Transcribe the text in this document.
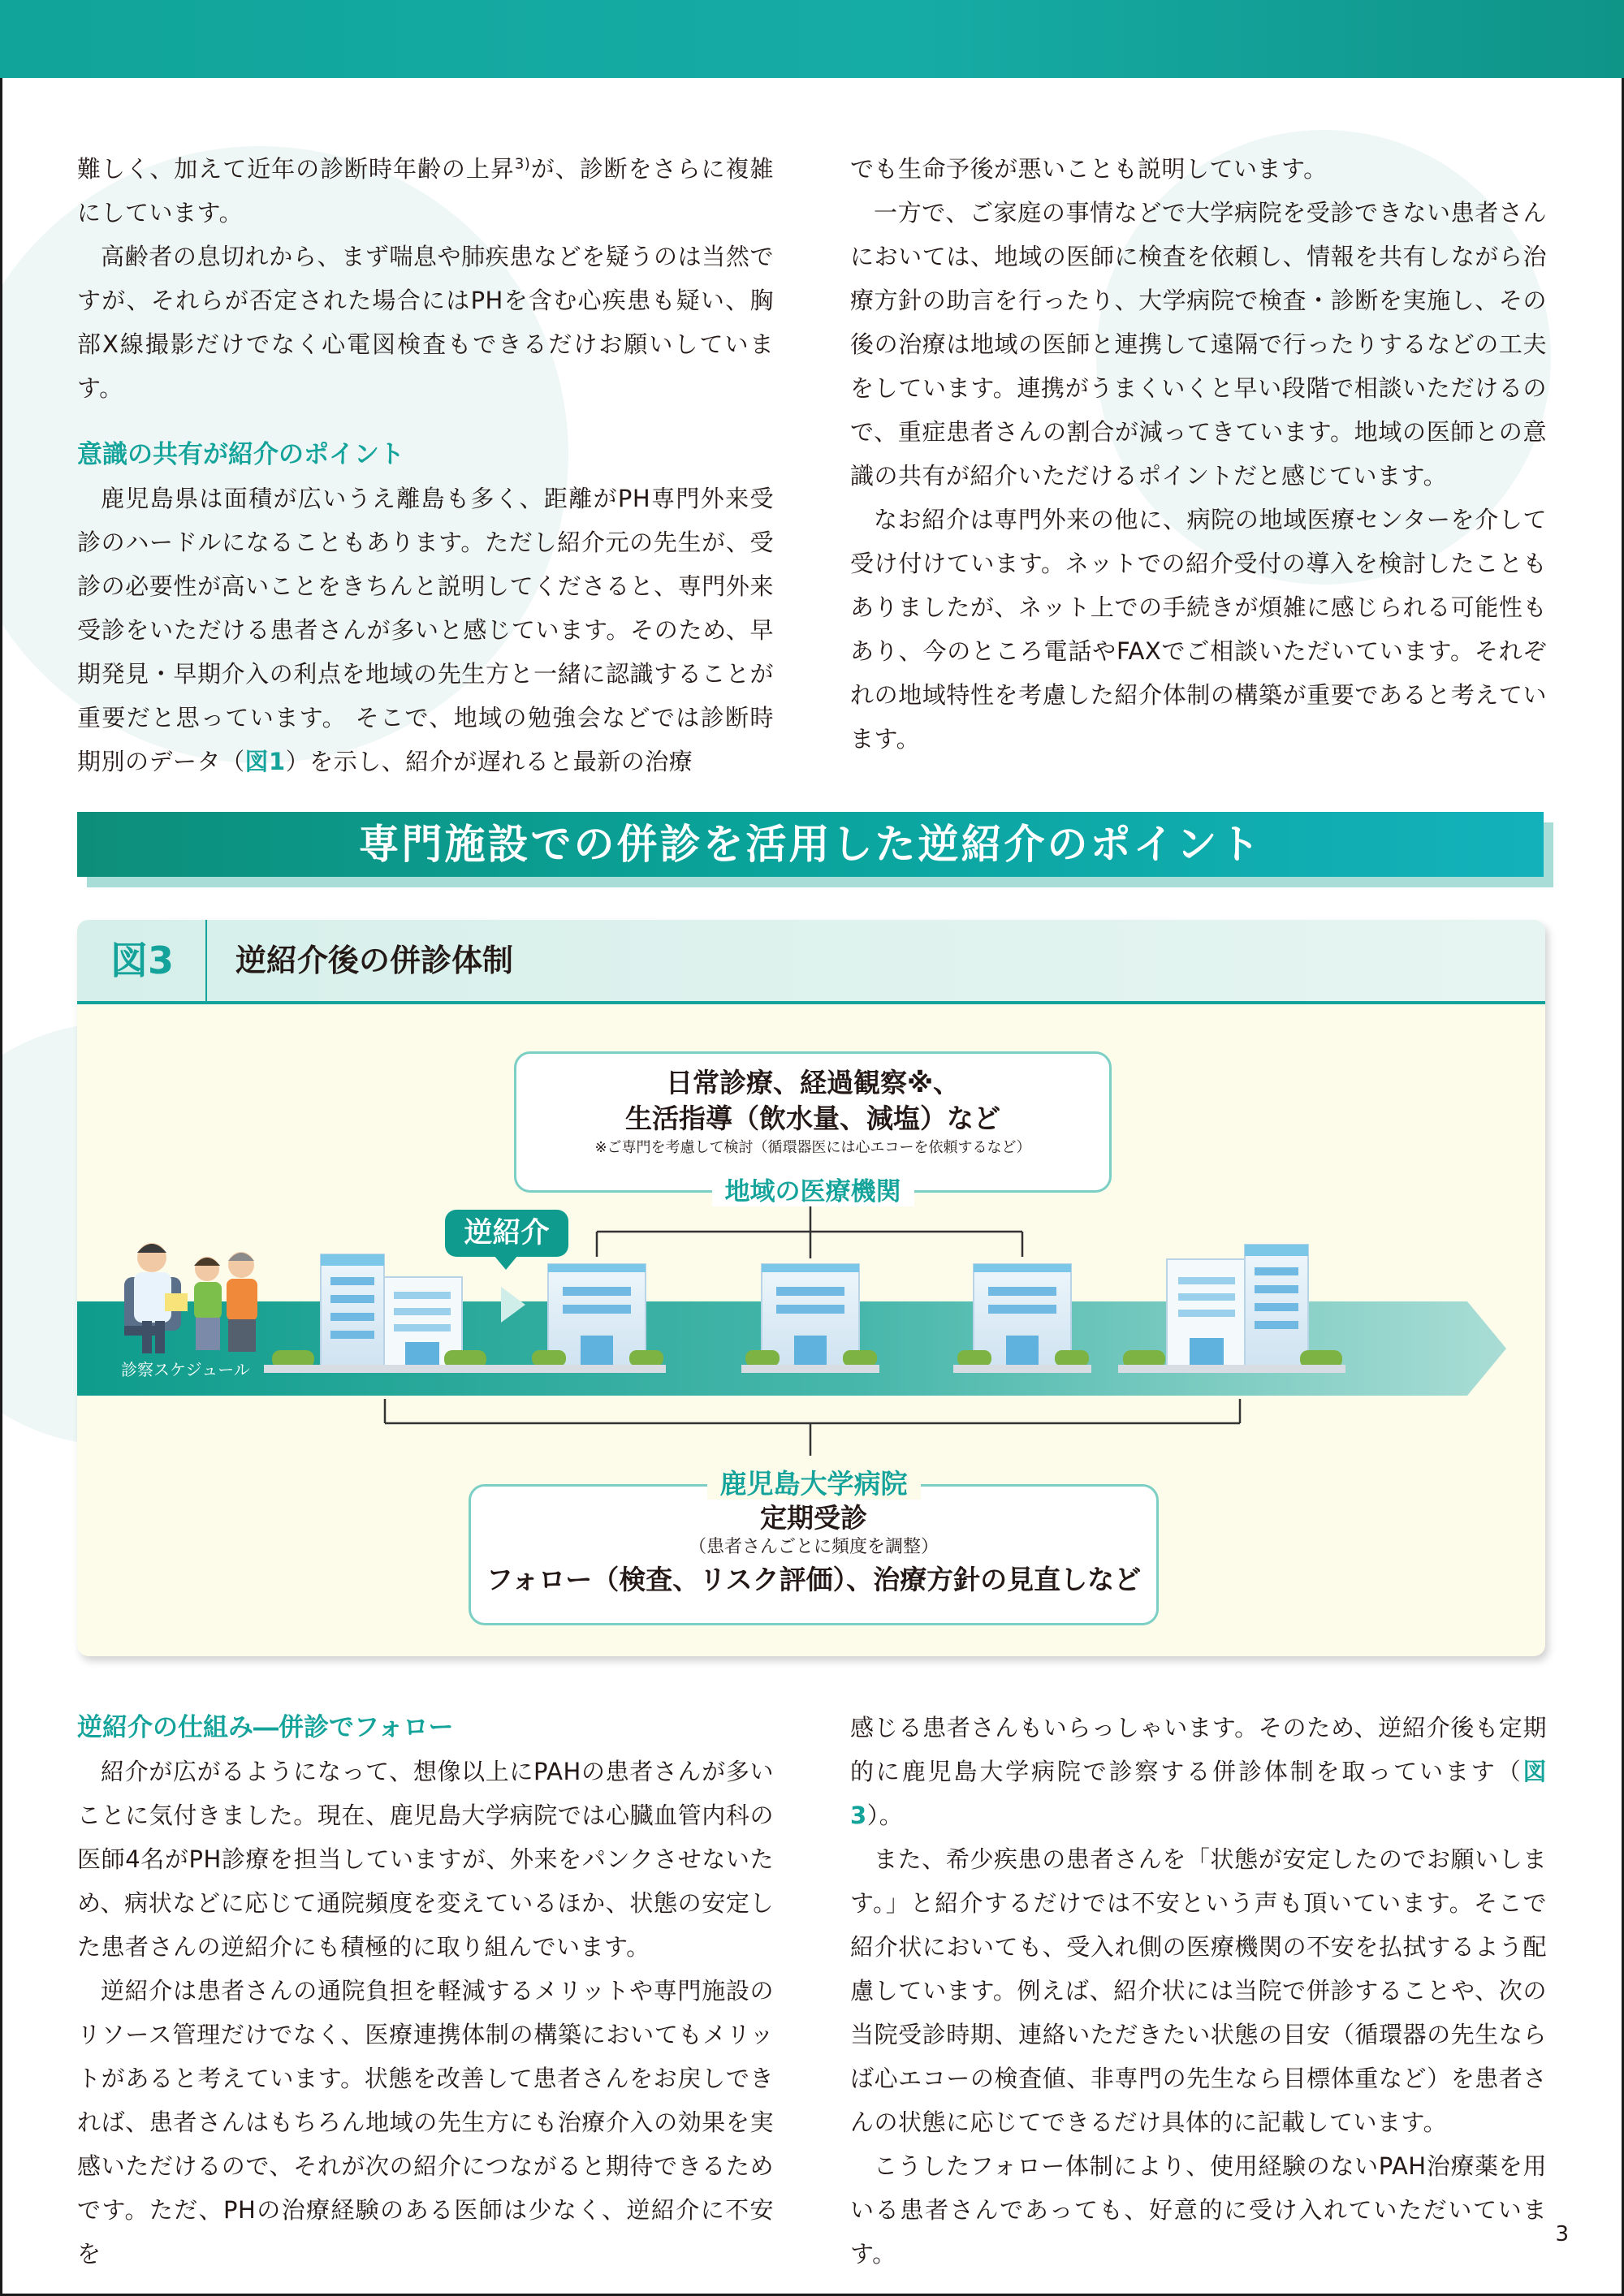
難しく、加えて近年の診断時年齢の上昇$^{3)}$が、診断をさらに複雑にしています。

高齢者の息切れから、まず喘息や肺疾患などを疑うのは当然ですが、それらが否定された場合にはPHを含む心疾患も疑い、胸部X線撮影だけでなく心電図検査もできるだけお願いしています。

意識の共有が紹介のポイント

鹿児島県は面積が広いうえ離島も多く、距離がPH専門外来受診のハードルになることもあります。ただし紹介元の先生が、受診の必要性が高いことをきちんと説明してくださると、専門外来受診をいただける患者さんが多いと感じています。そのため、早期発見・早期介入の利点を地域の先生方と一緒に認識することが重要だと思っています。 そこで、地域の勉強会などでは診断時期別のデータ（図1）を示し、紹介が遅れると最新の治療

でも生命予後が悪いことも説明しています。

一方で、ご家庭の事情などで大学病院を受診できない患者さんにおいては、地域の医師に検査を依頼し、情報を共有しながら治療方針の助言を行ったり、大学病院で検査・診断を実施し、その後の治療は地域の医師と連携して遠隔で行ったりするなどの工夫をしています。連携がうまくいくと早い段階で相談いただけるので、重症患者さんの割合が減ってきています。地域の医師との意識の共有が紹介いただけるポイントだと感じています。

なお紹介は専門外来の他に、病院の地域医療センターを介して受け付けています。ネットでの紹介受付の導入を検討したこともありましたが、ネット上での手続きが煩雑に感じられる可能性もあり、今のところ電話やFAXでご相談いただいています。それぞれの地域特性を考慮した紹介体制の構築が重要であると考えています。

専門施設での併診を活用した逆紹介のポイント
図3	逆紹介後の併診体制
日常診療、経過観察※、
生活指導（飲水量、減塩）など
※ご専門を考慮して検討（循環器医には心エコーを依頼するなど）
地域の医療機関
逆紹介
診察スケジュール
鹿児島大学病院
定期受診
（患者さんごとに頻度を調整）
フォロー（検査、リスク評価）、治療方針の見直しなど
逆紹介の仕組み―併診でフォロー

紹介が広がるようになって、想像以上にPAHの患者さんが多いことに気付きました。現在、鹿児島大学病院では心臓血管内科の医師4名がPH診療を担当していますが、外来をパンクさせないため、病状などに応じて通院頻度を変えているほか、状態の安定した患者さんの逆紹介にも積極的に取り組んでいます。

逆紹介は患者さんの通院負担を軽減するメリットや専門施設のリソース管理だけでなく、医療連携体制の構築においてもメリットがあると考えています。状態を改善して患者さんをお戻しできれば、患者さんはもちろん地域の先生方にも治療介入の効果を実感いただけるので、それが次の紹介につながると期待できるためです。ただ、PHの治療経験のある医師は少なく、逆紹介に不安を

感じる患者さんもいらっしゃいます。そのため、逆紹介後も定期的に鹿児島大学病院で診察する併診体制を取っています（図3）。

また、希少疾患の患者さんを「状態が安定したのでお願いします。」と紹介するだけでは不安という声も頂いています。そこで紹介状においても、受入れ側の医療機関の不安を払拭するよう配慮しています。例えば、紹介状には当院で併診することや、次の当院受診時期、連絡いただきたい状態の目安（循環器の先生ならば心エコーの検査値、非専門の先生なら目標体重など）を患者さんの状態に応じてできるだけ具体的に記載しています。

こうしたフォロー体制により、使用経験のないPAH治療薬を用いる患者さんであっても、好意的に受け入れていただいています。

3
